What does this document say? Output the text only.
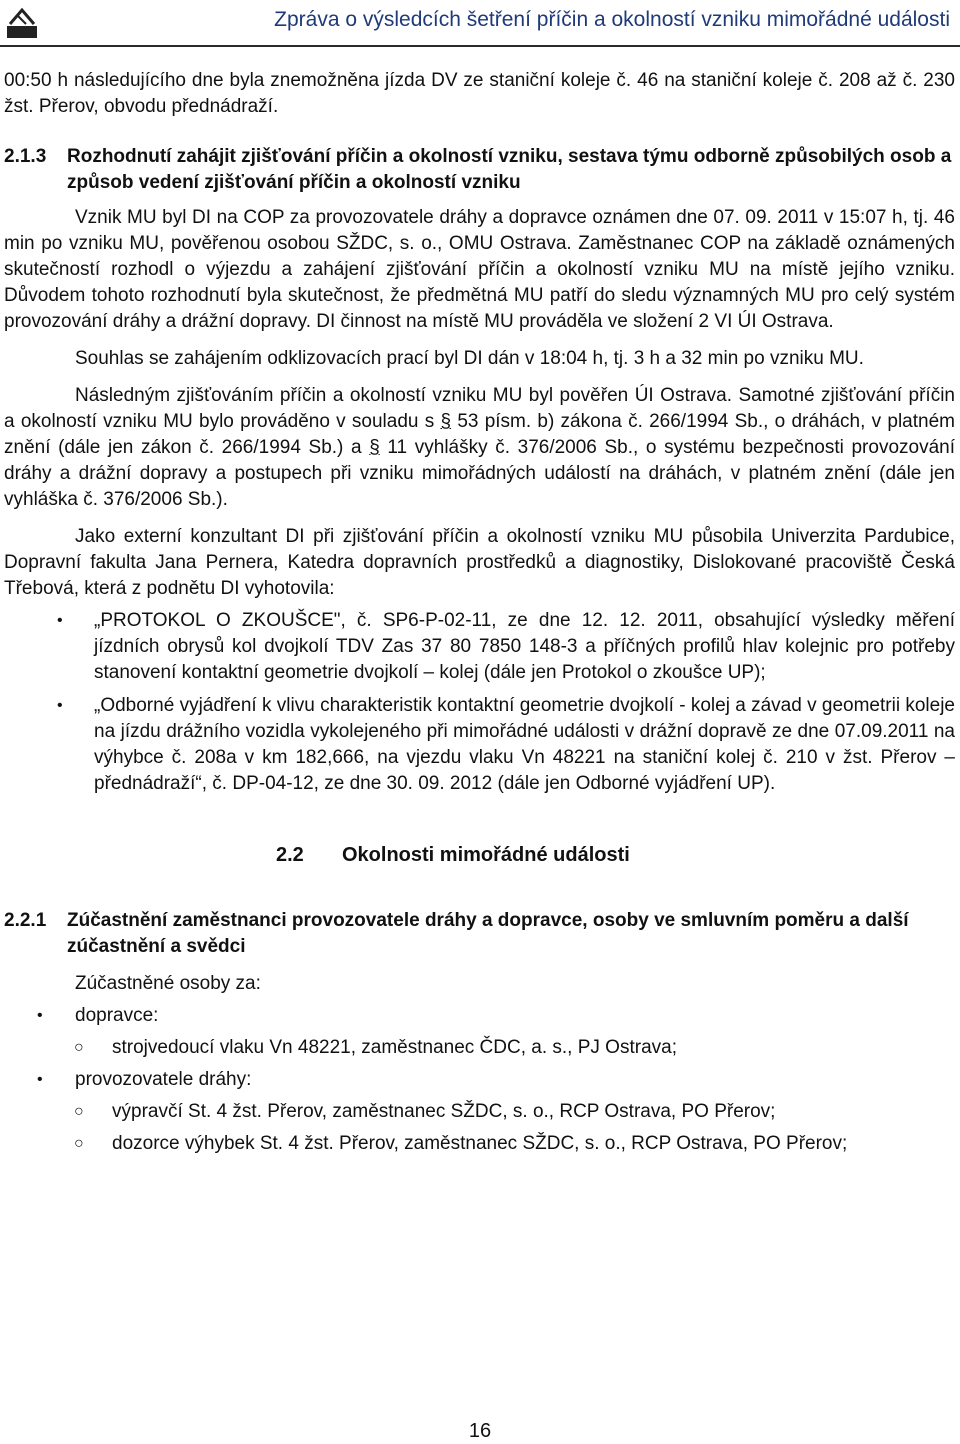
Zpráva o výsledcích šetření příčin a okolností vzniku mimořádné události

00:50 h následujícího dne byla znemožněna jízda DV ze staniční koleje č. 46 na staniční koleje č. 208 až č. 230 žst. Přerov, obvodu přednádraží.

2.1.3 Rozhodnutí zahájit zjišťování příčin a okolností vzniku, sestava týmu odborně způsobilých osob a způsob vedení zjišťování příčin a okolností vzniku

Vznik MU byl DI na COP za provozovatele dráhy a dopravce oznámen dne 07. 09. 2011 v 15:07 h, tj. 46 min po vzniku MU, pověřenou osobou SŽDC, s. o., OMU Ostrava. Zaměstnanec COP na základě oznámených skutečností rozhodl o výjezdu a zahájení zjišťování příčin a okolností vzniku MU na místě jejího vzniku. Důvodem tohoto rozhodnutí byla skutečnost, že předmětná MU patří do sledu významných MU pro celý systém provozování dráhy a drážní dopravy. DI činnost na místě MU prováděla ve složení 2 VI ÚI Ostrava.

Souhlas se zahájením odklizovacích prací byl DI dán v 18:04 h, tj. 3 h a 32 min po vzniku MU.

Následným zjišťováním příčin a okolností vzniku MU byl pověřen ÚI Ostrava. Samotné zjišťování příčin a okolností vzniku MU bylo prováděno v souladu s § 53 písm. b) zákona č. 266/1994 Sb., o dráhách, v platném znění (dále jen zákon č. 266/1994 Sb.) a § 11 vyhlášky č. 376/2006 Sb., o systému bezpečnosti provozování dráhy a drážní dopravy a postupech při vzniku mimořádných událostí na dráhách, v platném znění (dále jen vyhláška č. 376/2006 Sb.).

Jako externí konzultant DI při zjišťování příčin a okolností vzniku MU působila Univerzita Pardubice, Dopravní fakulta Jana Pernera, Katedra dopravních prostředků a diagnostiky, Dislokované pracoviště Česká Třebová, která z podnětu DI vyhotovila:

• „PROTOKOL O ZKOUŠCE", č. SP6-P-02-11, ze dne 12. 12. 2011, obsahující výsledky měření jízdních obrysů kol dvojkolí TDV Zas 37 80 7850 148-3 a příčných profilů hlav kolejnic pro potřeby stanovení kontaktní geometrie dvojkolí – kolej (dále jen Protokol o zkoušce UP);
• „Odborné vyjádření k vlivu charakteristik kontaktní geometrie dvojkolí - kolej a závad v geometrii koleje na jízdu drážního vozidla vykolejeného při mimořádné události v drážní dopravě ze dne 07.09.2011 na výhybce č. 208a v km 182,666, na vjezdu vlaku Vn 48221 na staniční kolej č. 210 v žst. Přerov – přednádraží“, č. DP-04-12, ze dne 30. 09. 2012 (dále jen Odborné vyjádření UP).
2.2 Okolnosti mimořádné události
2.2.1 Zúčastnění zaměstnanci provozovatele dráhy a dopravce, osoby ve smluvním poměru a další zúčastnění a svědci

Zúčastněné osoby za:

• dopravce:
○ strojvedoucí vlaku Vn 48221, zaměstnanec ČDC, a. s., PJ Ostrava;
• provozovatele dráhy:
○ výpravčí St. 4 žst. Přerov, zaměstnanec SŽDC, s. o., RCP Ostrava, PO Přerov;
○ dozorce výhybek St. 4 žst. Přerov, zaměstnanec SŽDC, s. o., RCP Ostrava, PO Přerov;
16
